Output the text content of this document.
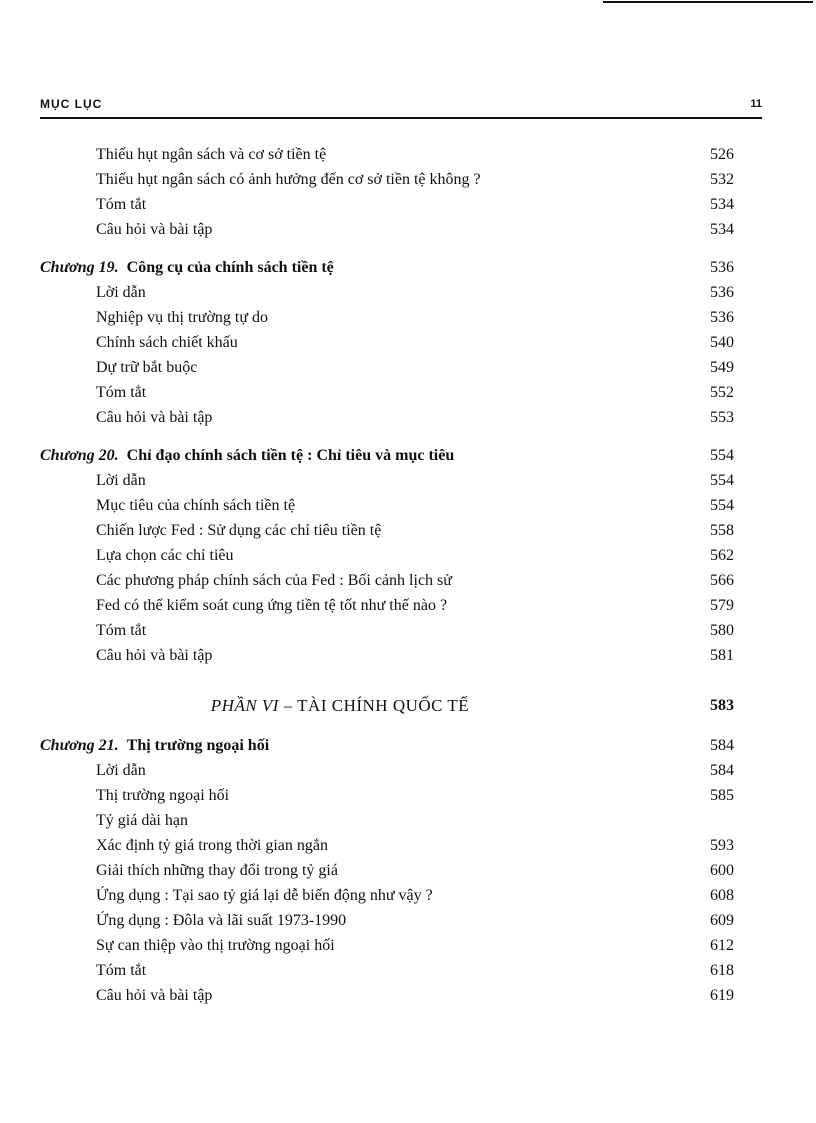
MỤC LỤC	11
Thiếu hụt ngân sách và cơ sở tiền tệ	526
Thiếu hụt ngân sách có ảnh hưởng đến cơ sở tiền tệ không ?	532
Tóm tắt	534
Câu hỏi và bài tập	534
Chương 19.  Công cụ của chính sách tiền tệ	536
Lời dẫn	536
Nghiệp vụ thị trường tự do	536
Chính sách chiết khấu	540
Dự trữ bắt buộc	549
Tóm tắt	552
Câu hỏi và bài tập	553
Chương 20.  Chỉ đạo chính sách tiền tệ : Chỉ tiêu và mục tiêu	554
Lời dẫn	554
Mục tiêu của chính sách tiền tệ	554
Chiến lược Fed : Sử dụng các chỉ tiêu tiền tệ	558
Lựa chọn các chỉ tiêu	562
Các phương pháp chính sách của Fed : Bối cảnh lịch sử	566
Fed có thể kiểm soát cung ứng tiền tệ tốt như thế nào ?	579
Tóm tắt	580
Câu hỏi và bài tập	581
PHẦN VI – TÀI CHÍNH QUỐC TẾ	583
Chương 21.  Thị trường ngoại hối	584
Lời dẫn	584
Thị trường ngoại hối	585
Tỷ giá dài hạn
Xác định tỷ giá trong thời gian ngắn	593
Giải thích những thay đổi trong tỷ giá	600
Ứng dụng : Tại sao tỷ giá lại dễ biến động như vậy ?	608
Ứng dụng : Đôla và lãi suất 1973-1990	609
Sự can thiệp vào thị trường ngoại hối	612
Tóm tắt	618
Câu hỏi và bài tập	619
